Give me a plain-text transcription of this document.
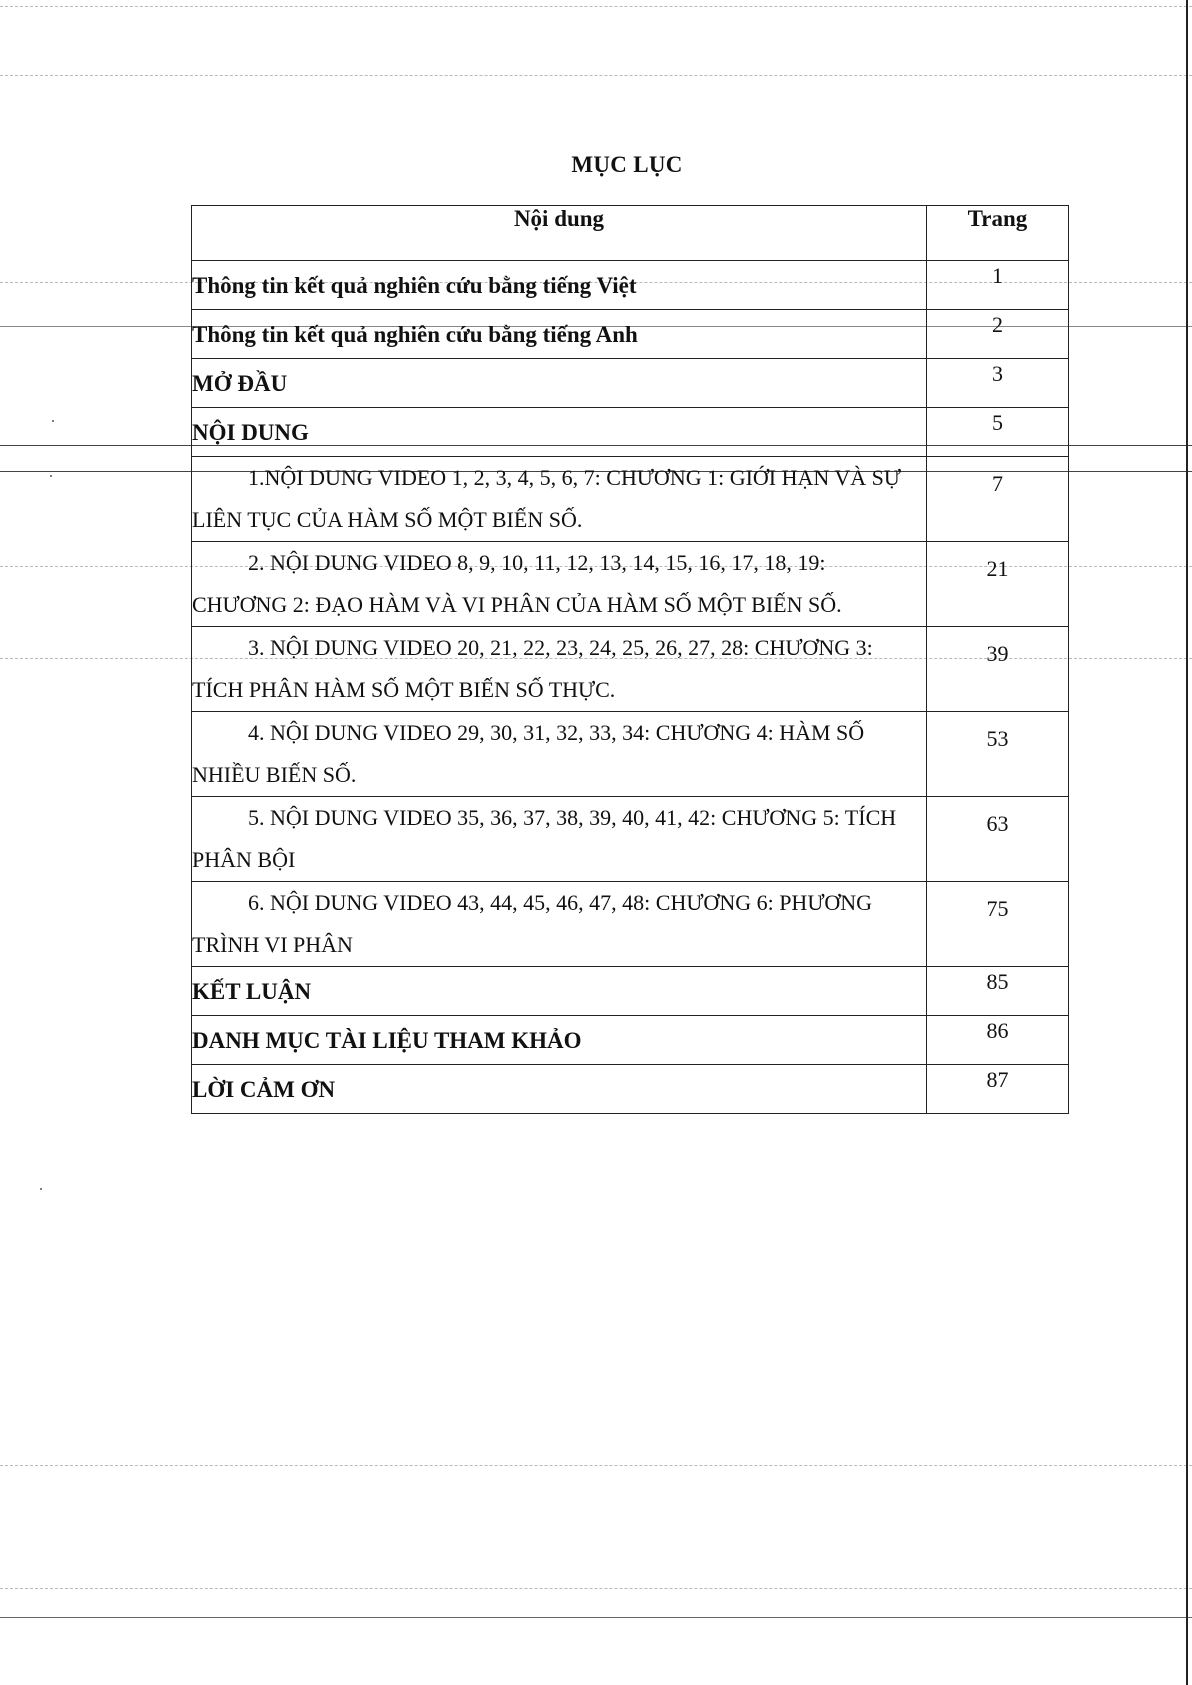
MỤC LỤC
Nội dung	Trang
Thông tin kết quả nghiên cứu bằng tiếng Việt	1
Thông tin kết quả nghiên cứu bằng tiếng Anh	2
MỞ ĐẦU	3
NỘI DUNG	5
1.NỘI DUNG VIDEO 1, 2, 3, 4, 5, 6, 7: CHƯƠNG 1: GIỚI HẠN VÀ SỰ LIÊN TỤC CỦA HÀM SỐ MỘT BIẾN SỐ.	7
2. NỘI DUNG VIDEO 8, 9, 10, 11, 12, 13, 14, 15, 16, 17, 18, 19: CHƯƠNG 2: ĐẠO HÀM VÀ VI PHÂN CỦA HÀM SỐ MỘT BIẾN SỐ.	21
3. NỘI DUNG VIDEO 20, 21, 22, 23, 24, 25, 26, 27, 28: CHƯƠNG 3: TÍCH PHÂN HÀM SỐ MỘT BIẾN SỐ THỰC.	39
4. NỘI DUNG VIDEO 29, 30, 31, 32, 33, 34: CHƯƠNG 4: HÀM SỐ NHIỀU BIẾN SỐ.	53
5. NỘI DUNG VIDEO 35, 36, 37, 38, 39, 40, 41, 42: CHƯƠNG 5: TÍCH PHÂN BỘI	63
6. NỘI DUNG VIDEO 43, 44, 45, 46, 47, 48: CHƯƠNG 6: PHƯƠNG TRÌNH VI PHÂN	75
KẾT LUẬN	85
DANH MỤC TÀI LIỆU THAM KHẢO	86
LỜI CẢM ƠN	87
